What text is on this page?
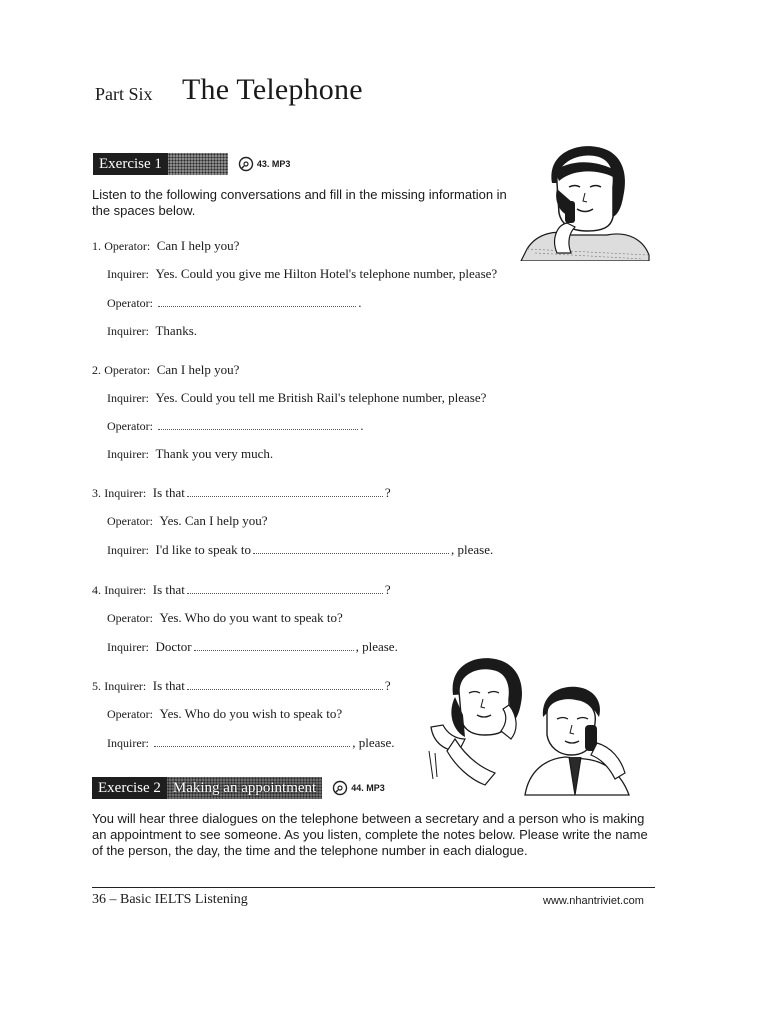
Part Six The Telephone
Exercise 1	43. MP3
Listen to the following conversations and fill in the missing information in the spaces below.
1.
Operator:
Can I help you?
Inquirer:
Yes. Could you give me Hilton Hotel's telephone number, please?
Operator:
	.
Inquirer:
Thanks.
2.
Operator:
Can I help you?
Inquirer:
Yes. Could you tell me British Rail's telephone number, please?
Operator:
	.
Inquirer:
Thank you very much.
3.
Inquirer:
Is that	?
Operator:
Yes. Can I help you?
Inquirer:
I'd like to speak to	, please.
4.
Inquirer:
Is that	?
Operator:
Yes. Who do you want to speak to?
Inquirer:
Doctor	, please.
5.
Inquirer:
Is that	?
Operator:
Yes. Who do you wish to speak to?
Inquirer:
	, please.
Exercise 2 Making an appointment	44. MP3
You will hear three dialogues on the telephone between a secretary and a person who is making an appointment to see someone. As you listen, complete the notes below. Please write the name of the person, the day, the time and the telephone number in each dialogue.
36 – Basic IELTS Listening	www.nhantriviet.com
